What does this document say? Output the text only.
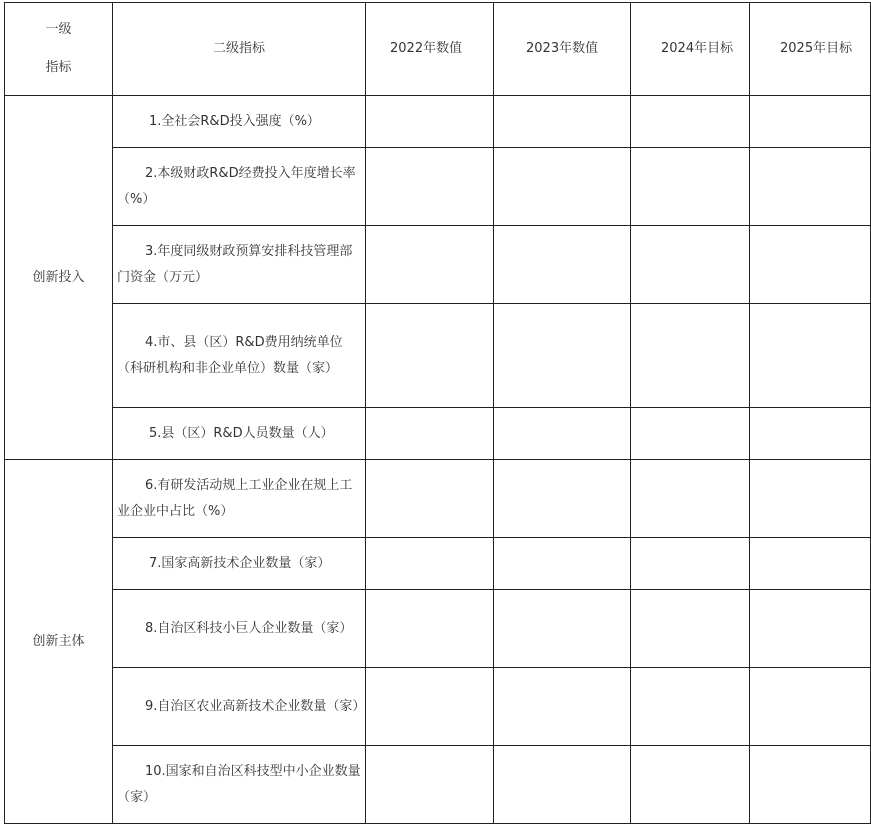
一级
指标	二级指标	2022年数值	2023年数值	2024年目标	2025年目标
创新投入	1.全社会R&D投入强度（%）				
	2.本级财政R&D经费投入年度增长率（%）				
	3.年度同级财政预算安排科技管理部门资金（万元）				
	4.市、县（区）R&D费用纳统单位（科研机构和非企业单位）数量（家）				
	5.县（区）R&D人员数量（人）				
创新主体	6.有研发活动规上工业企业在规上工业企业中占比（%）				
	7.国家高新技术企业数量（家）				
	8.自治区科技小巨人企业数量（家）				
	9.自治区农业高新技术企业数量（家）				
	10.国家和自治区科技型中小企业数量（家）				
